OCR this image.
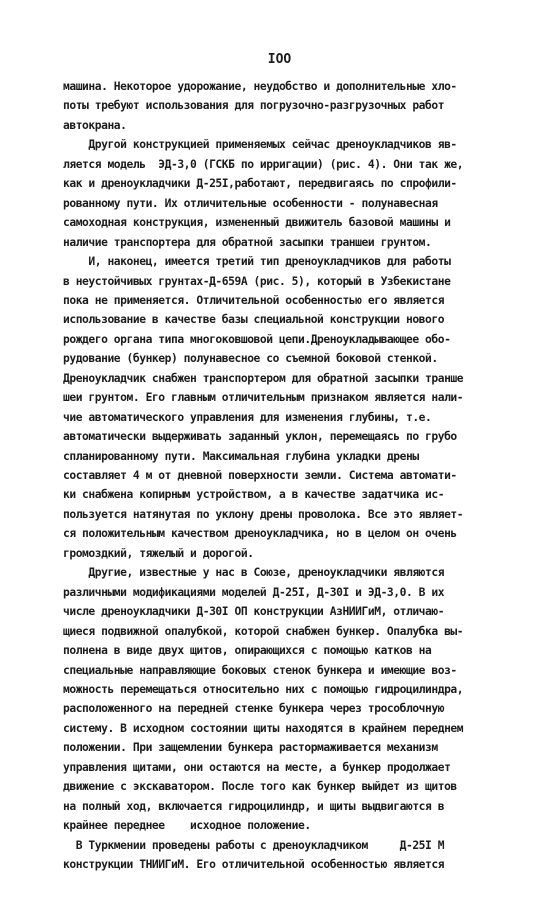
IOO
машина. Некоторое удорожание, неудобство и дополнительные хло-
поты требуют использования для погрузочно-разгрузочных работ
автокрана.
Другой конструкцией применяемых сейчас дреноукладчиков яв-
ляется модель  ЭД-3,0 (ГСКБ по ирригации) (рис. 4). Они так же,
как и дреноукладчики Д-25I,работают, передвигаясь по спрофили-
рованному пути. Их отличительные особенности - полунавесная
самоходная конструкция, измененный движитель базовой машины и
наличие транспортера для обратной засыпки траншеи грунтом.
И, наконец, имеется третий тип дреноукладчиков для работы
в неустойчивых грунтах-Д-659А (рис. 5), который в Узбекистане
пока не применяется. Отличительной особенностью его является
использование в качестве базы специальной конструкции нового
рождего органа типа многоковшовой цепи.Дреноукладывающее обо-
рудование (бункер) полунавесное со съемной боковой стенкой.
Дреноукладчик снабжен транспортером для обратной засыпки транше
шеи грунтом. Его главным отличительным признаком является нали-
чие автоматического управления для изменения глубины, т.е.
автоматически выдерживать заданный уклон, перемещаясь по грубо
спланированному пути. Максимальная глубина укладки дрены
составляет 4 м от дневной поверхности земли. Система автомати-
ки снабжена копирным устройством, а в качестве задатчика ис-
пользуется натянутая по уклону дрены проволока. Все это являет-
ся положительным качеством дреноукладчика, но в целом он очень
громоздкий, тяжелый и дорогой.
Другие, известные у нас в Союзе, дреноукладчики являются
различными модификациями моделей Д-25I, Д-30I и ЭД-3,0. В их
числе дреноукладчики Д-30I ОП конструкции АзНИИГиМ, отличаю-
щиеся подвижной опалубкой, которой снабжен бункер. Опалубка вы-
полнена в виде двух щитов, опирающихся с помощью катков на
специальные направляющие боковых стенок бункера и имеющие воз-
можность перемещаться относительно них с помощью гидроцилиндра,
расположенного на передней стенке бункера через трособлочную
систему. В исходном состоянии щиты находятся в крайнем переднем
положении. При защемлении бункера растормаживается механизм
управления щитами, они остаются на месте, а бункер продолжает
движение с экскаватором. После того как бункер выйдет из щитов
на полный ход, включается гидроцилиндр, и щиты выдвигаются в
крайнее переднее    исходное положение.
В Туркмении проведены работы с дреноукладчиком     Д-25I М
конструкции ТНИИГиМ. Его отличительной особенностью является
